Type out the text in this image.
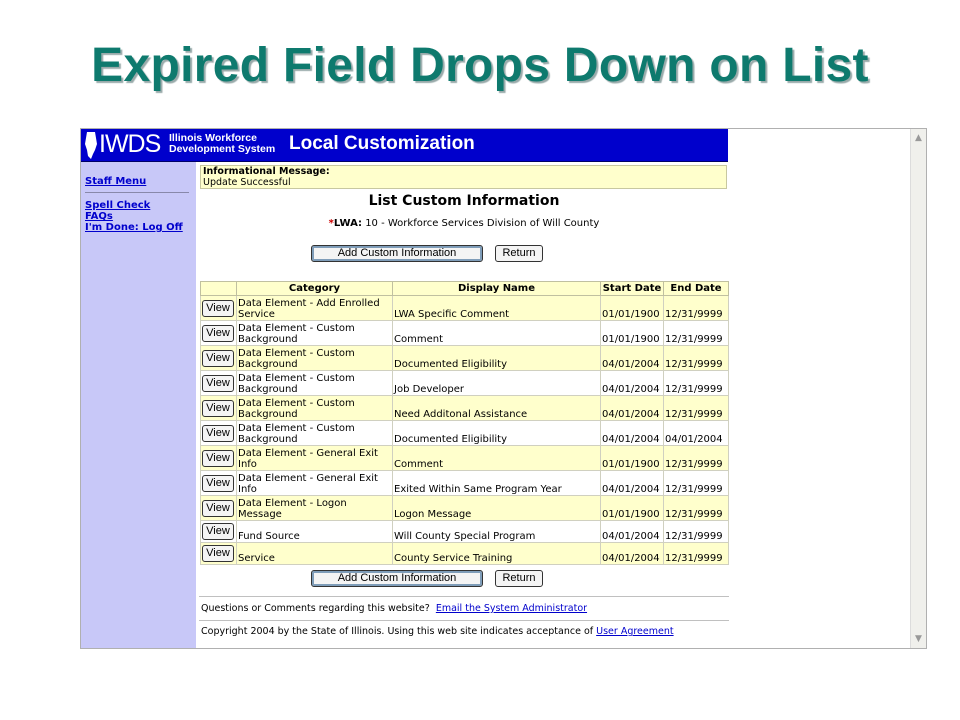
Expired Field Drops Down on List
IWDS Illinois Workforce
Development System Local Customization
Staff Menu
Spell Check
FAQs
I'm Done: Log Off
Informational Message:
Update Successful
List Custom Information
*LWA: 10 - Workforce Services Division of Will County
Add Custom Information	Return
	Category	Display Name	Start Date	End Date
View	Data Element - Add Enrolled Service	LWA Specific Comment	01/01/1900	12/31/9999
View	Data Element - Custom Background	Comment	01/01/1900	12/31/9999
View	Data Element - Custom Background	Documented Eligibility	04/01/2004	12/31/9999
View	Data Element - Custom Background	Job Developer	04/01/2004	12/31/9999
View	Data Element - Custom Background	Need Additonal Assistance	04/01/2004	12/31/9999
View	Data Element - Custom Background	Documented Eligibility	04/01/2004	04/01/2004
View	Data Element - General Exit Info	Comment	01/01/1900	12/31/9999
View	Data Element - General Exit Info	Exited Within Same Program Year	04/01/2004	12/31/9999
View	Data Element - Logon Message	Logon Message	01/01/1900	12/31/9999
View	Fund Source	Will County Special Program	04/01/2004	12/31/9999
View	Service	County Service Training	04/01/2004	12/31/9999
Add Custom Information	Return
Questions or Comments regarding this website? Email the System Administrator
Copyright 2004 by the State of Illinois. Using this web site indicates acceptance of User Agreement
▲
▼
